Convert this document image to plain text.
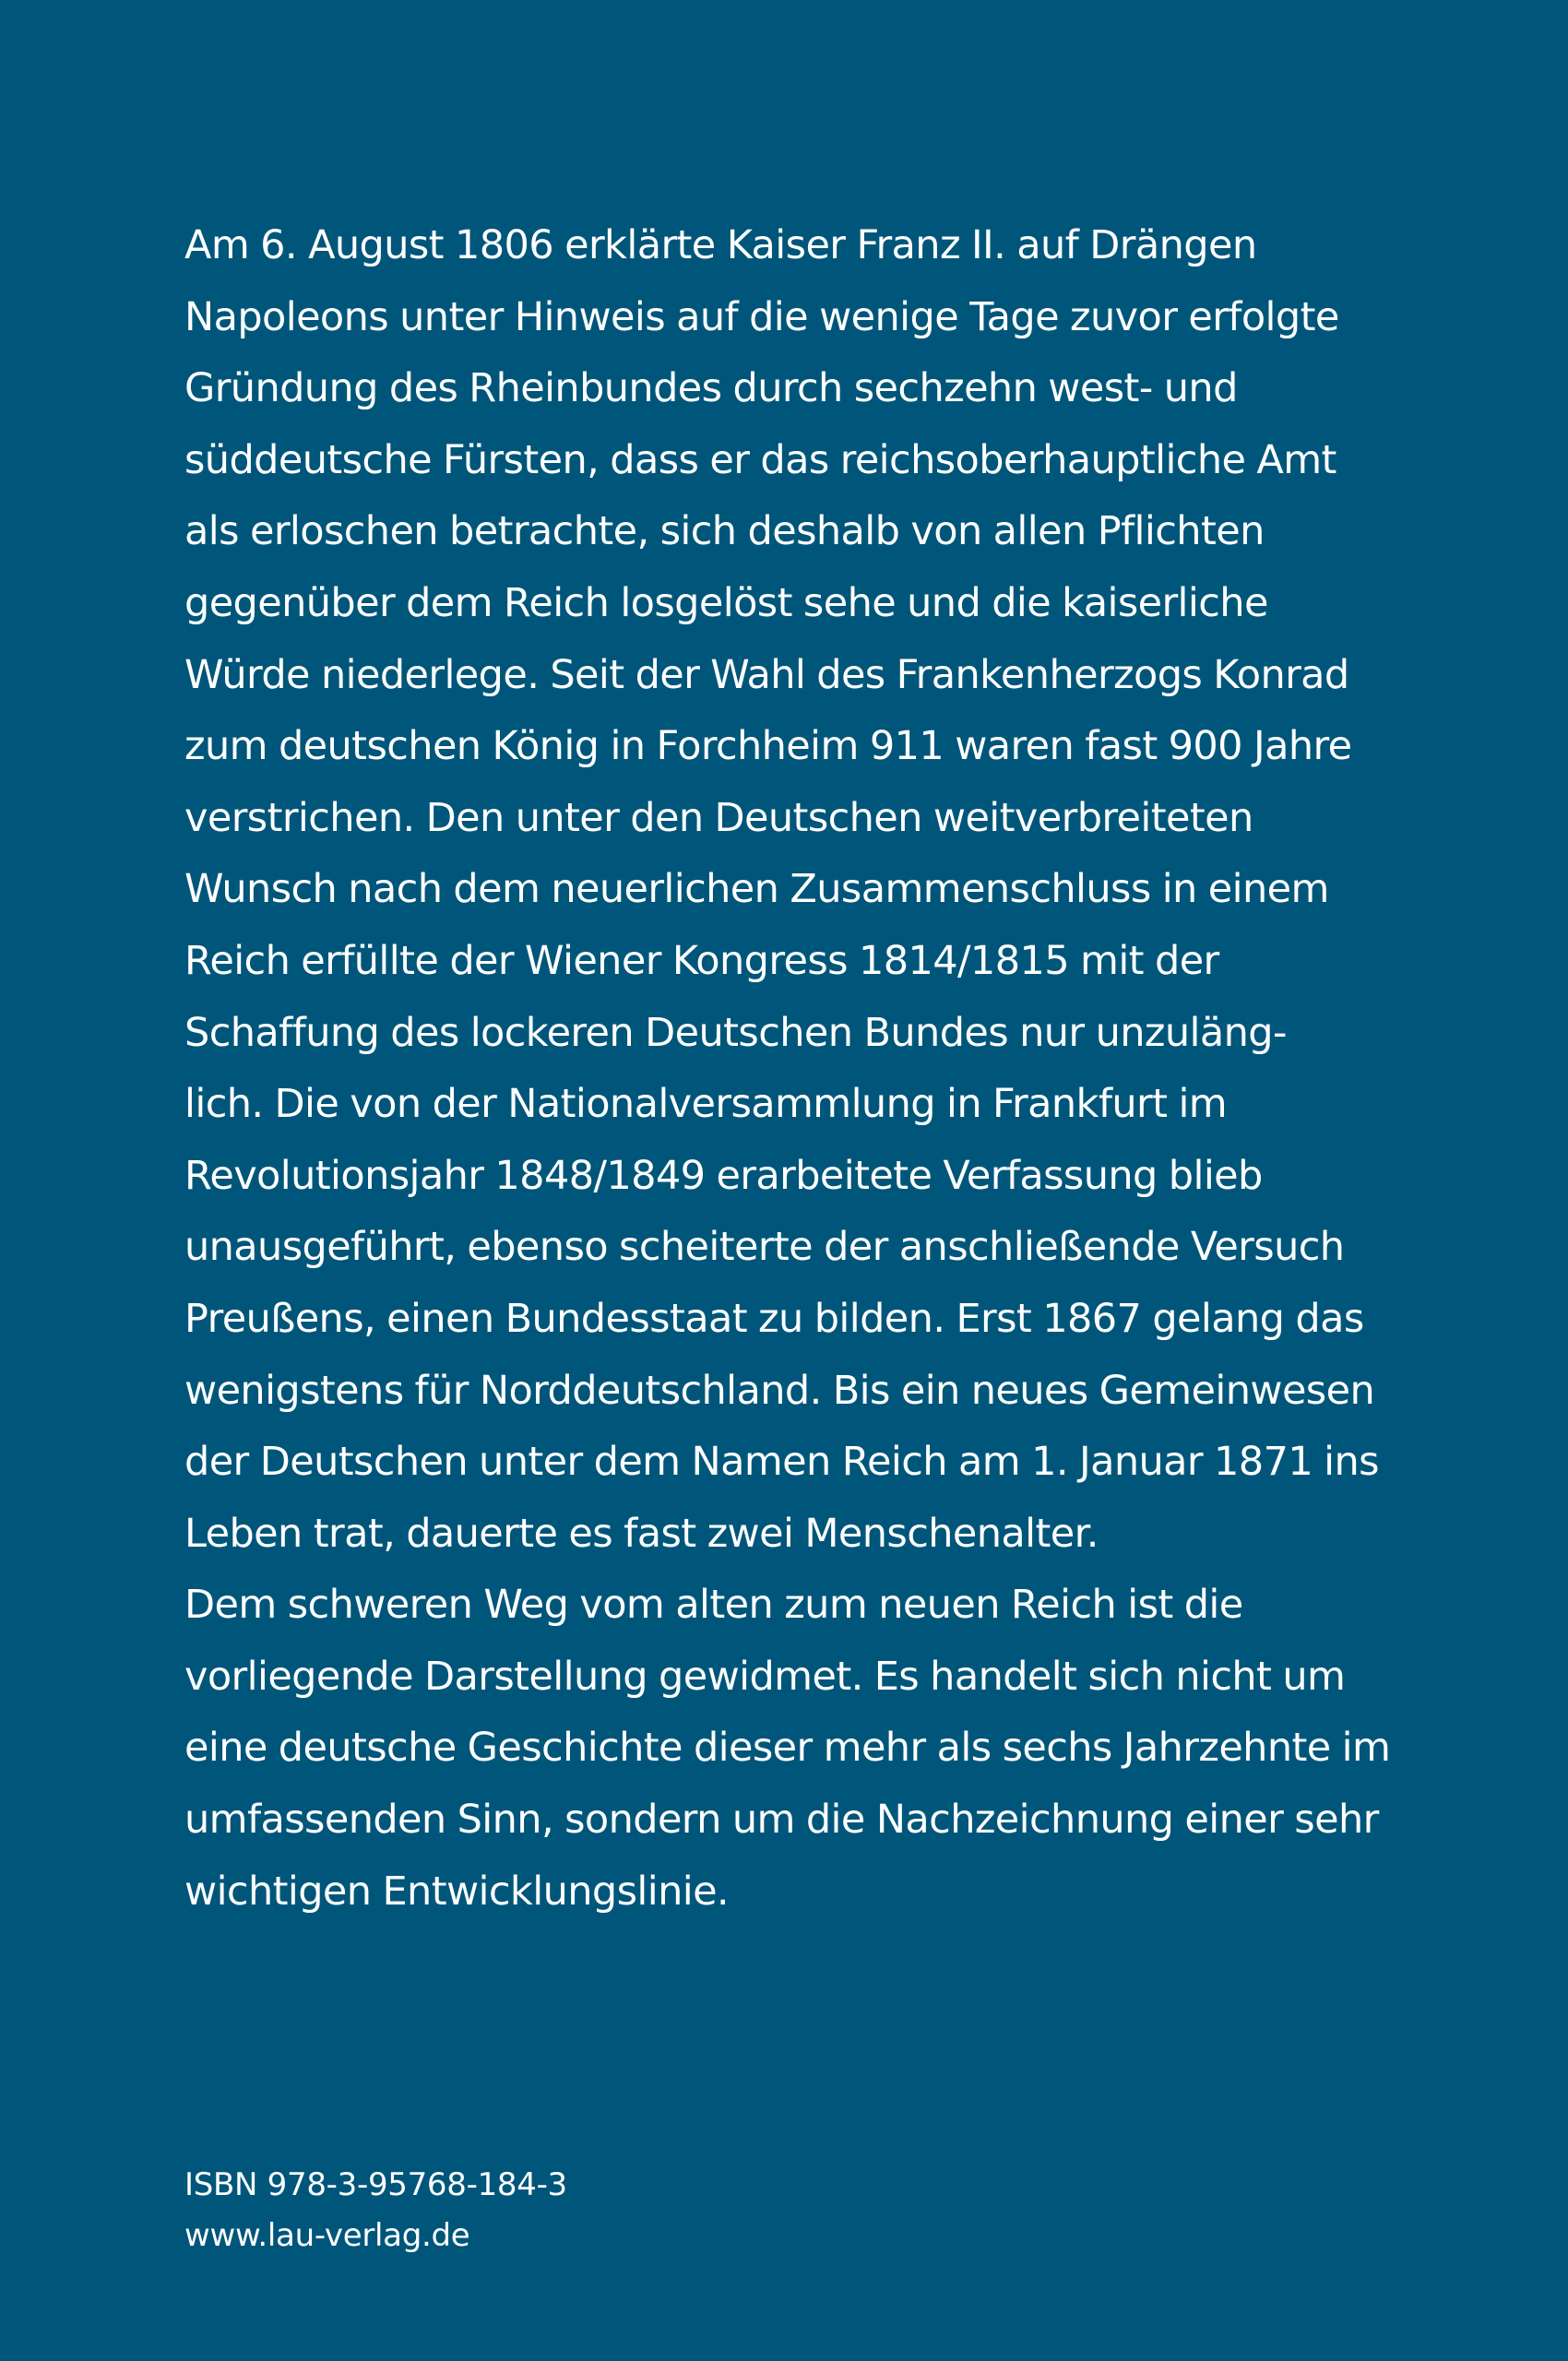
Am 6. August 1806 erklärte Kaiser Franz II. auf Drängen
Napoleons unter Hinweis auf die wenige Tage zuvor erfolgte
Gründung des Rheinbundes durch sechzehn west- und
süddeutsche Fürsten, dass er das reichsoberhauptliche Amt
als erloschen betrachte, sich deshalb von allen Pflichten
gegenüber dem Reich losgelöst sehe und die kaiserliche
Würde niederlege. Seit der Wahl des Frankenherzogs Konrad
zum deutschen König in Forchheim 911 waren fast 900 Jahre
verstrichen. Den unter den Deutschen weitverbreiteten
Wunsch nach dem neuerlichen Zusammenschluss in einem
Reich erfüllte der Wiener Kongress 1814/1815 mit der
Schaffung des lockeren Deutschen Bundes nur unzuläng-
lich. Die von der Nationalversammlung in Frankfurt im
Revolutionsjahr 1848/1849 erarbeitete Verfassung blieb
unausgeführt, ebenso scheiterte der anschließende Versuch
Preußens, einen Bundesstaat zu bilden. Erst 1867 gelang das
wenigstens für Norddeutschland. Bis ein neues Gemeinwesen
der Deutschen unter dem Namen Reich am 1. Januar 1871 ins
Leben trat, dauerte es fast zwei Menschenalter.
Dem schweren Weg vom alten zum neuen Reich ist die
vorliegende Darstellung gewidmet. Es handelt sich nicht um
eine deutsche Geschichte dieser mehr als sechs Jahrzehnte im
umfassenden Sinn, sondern um die Nachzeichnung einer sehr
wichtigen Entwicklungslinie.
ISBN 978-3-95768-184-3
www.lau-verlag.de
